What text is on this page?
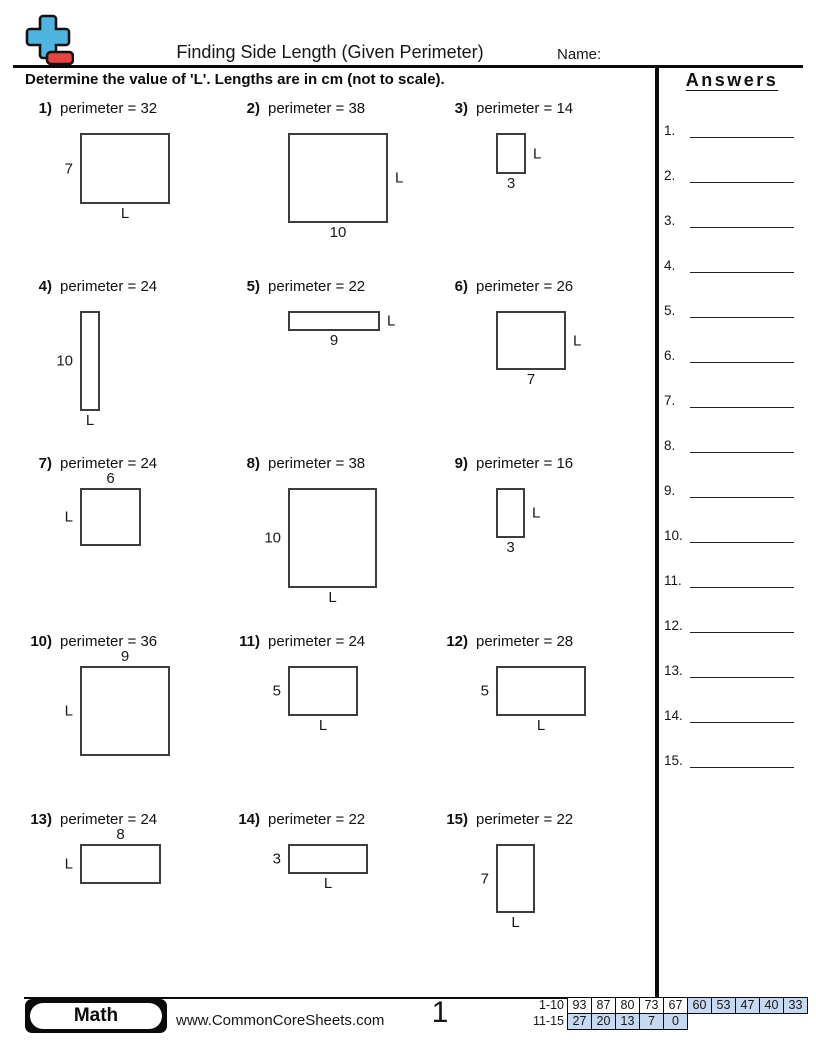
Finding Side Length (Given Perimeter)	Name:
Determine the value of 'L'. Lengths are in cm (not to scale).
1) perimeter = 32
7
L
2) perimeter = 38
L
10
3) perimeter = 14
L
3
4) perimeter = 24
10
L
5) perimeter = 22
L
9
6) perimeter = 26
L
7
7) perimeter = 24
6
L
8) perimeter = 38
10
L
9) perimeter = 16
L
3
10) perimeter = 36
9
L
11) perimeter = 24
5
L
12) perimeter = 28
5
L
13) perimeter = 24
8
L
14) perimeter = 22
3
L
15) perimeter = 22
7
L
Answers
1.
2.
3.
4.
5.
6.
7.
8.
9.
10.
11.
12.
13.
14.
15.
Math	www.CommonCoreSheets.com	1	1-10 93 87 80 73 67 60 53 47 40 33
11-15 27 20 13	7	0
